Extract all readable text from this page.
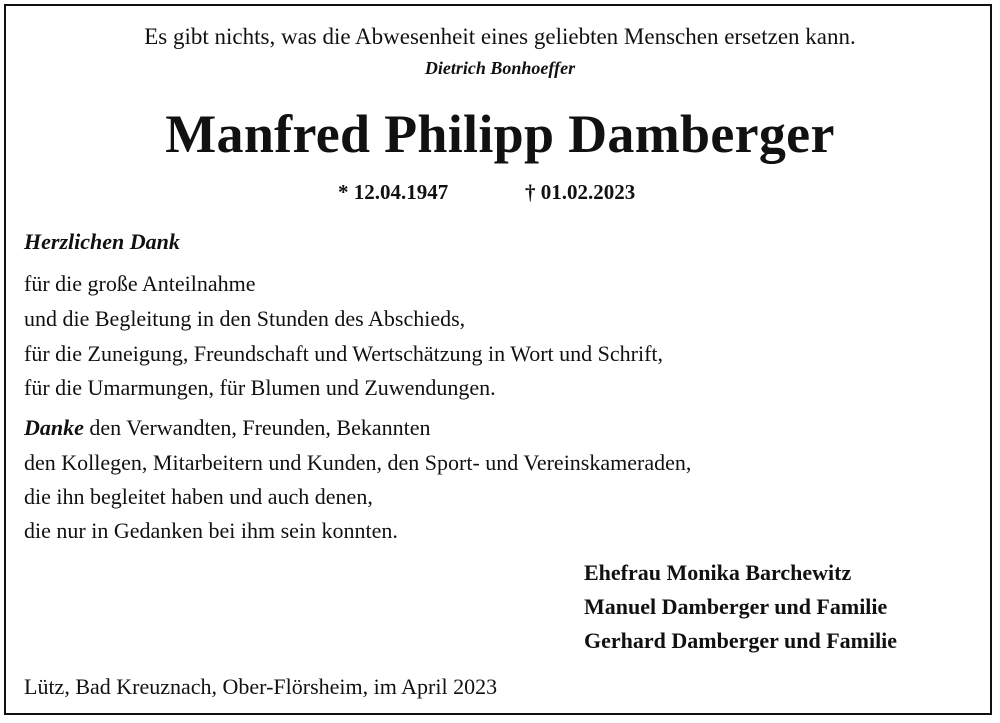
Es gibt nichts, was die Abwesenheit eines geliebten Menschen ersetzen kann.
Dietrich Bonhoeffer
Manfred Philipp Damberger
* 12.04.1947	† 01.02.2023
Herzlichen Dank
für die große Anteilnahme
und die Begleitung in den Stunden des Abschieds,
für die Zuneigung, Freundschaft und Wertschätzung in Wort und Schrift,
für die Umarmungen, für Blumen und Zuwendungen.
Danke den Verwandten, Freunden, Bekannten
den Kollegen, Mitarbeitern und Kunden, den Sport- und Vereinskameraden,
die ihn begleitet haben und auch denen,
die nur in Gedanken bei ihm sein konnten.
Ehefrau Monika Barchewitz
Manuel Damberger und Familie
Gerhard Damberger und Familie
Lütz, Bad Kreuznach, Ober-Flörsheim, im April 2023
